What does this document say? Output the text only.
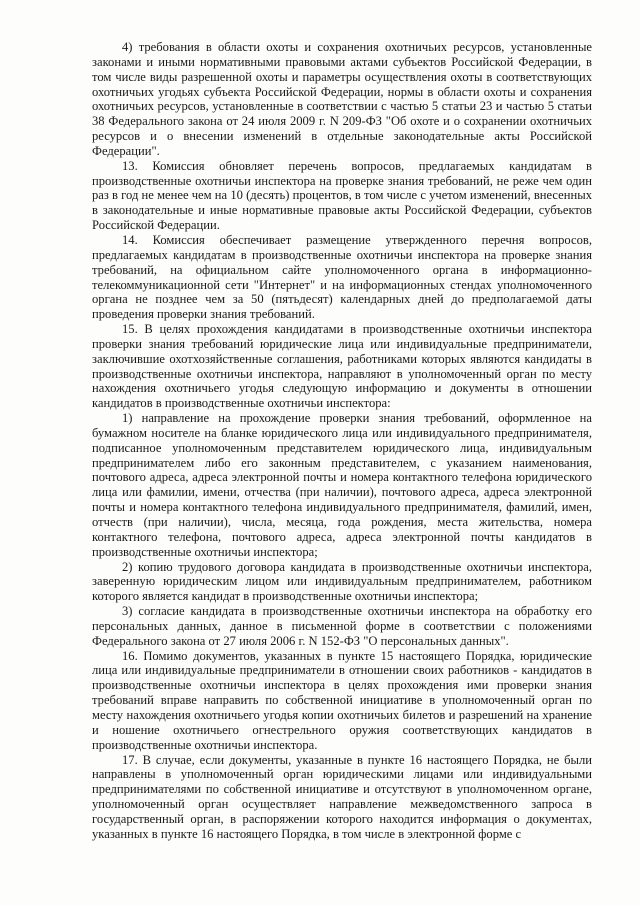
4) требования в области охоты и сохранения охотничьих ресурсов, установленные законами и иными нормативными правовыми актами субъектов Российской Федерации, в том числе виды разрешенной охоты и параметры осуществления охоты в соответствующих охотничьих угодьях субъекта Российской Федерации, нормы в области охоты и сохранения охотничьих ресурсов, установленные в соответствии с частью 5 статьи 23 и частью 5 статьи 38 Федерального закона от 24 июля 2009 г. N 209-ФЗ "Об охоте и о сохранении охотничьих ресурсов и о внесении изменений в отдельные законодательные акты Российской Федерации".

13. Комиссия обновляет перечень вопросов, предлагаемых кандидатам в производственные охотничьи инспектора на проверке знания требований, не реже чем один раз в год не менее чем на 10 (десять) процентов, в том числе с учетом изменений, внесенных в законодательные и иные нормативные правовые акты Российской Федерации, субъектов Российской Федерации.

14. Комиссия обеспечивает размещение утвержденного перечня вопросов, предлагаемых кандидатам в производственные охотничьи инспектора на проверке знания требований, на официальном сайте уполномоченного органа в информационно-телекоммуникационной сети "Интернет" и на информационных стендах уполномоченного органа не позднее чем за 50 (пятьдесят) календарных дней до предполагаемой даты проведения проверки знания требований.

15. В целях прохождения кандидатами в производственные охотничьи инспектора проверки знания требований юридические лица или индивидуальные предприниматели, заключившие охотхозяйственные соглашения, работниками которых являются кандидаты в производственные охотничьи инспектора, направляют в уполномоченный орган по месту нахождения охотничьего угодья следующую информацию и документы в отношении кандидатов в производственные охотничьи инспектора:

1) направление на прохождение проверки знания требований, оформленное на бумажном носителе на бланке юридического лица или индивидуального предпринимателя, подписанное уполномоченным представителем юридического лица, индивидуальным предпринимателем либо его законным представителем, с указанием наименования, почтового адреса, адреса электронной почты и номера контактного телефона юридического лица или фамилии, имени, отчества (при наличии), почтового адреса, адреса электронной почты и номера контактного телефона индивидуального предпринимателя, фамилий, имен, отчеств (при наличии), числа, месяца, года рождения, места жительства, номера контактного телефона, почтового адреса, адреса электронной почты кандидатов в производственные охотничьи инспектора;

2) копию трудового договора кандидата в производственные охотничьи инспектора, заверенную юридическим лицом или индивидуальным предпринимателем, работником которого является кандидат в производственные охотничьи инспектора;

3) согласие кандидата в производственные охотничьи инспектора на обработку его персональных данных, данное в письменной форме в соответствии с положениями Федерального закона от 27 июля 2006 г. N 152-ФЗ "О персональных данных".

16. Помимо документов, указанных в пункте 15 настоящего Порядка, юридические лица или индивидуальные предприниматели в отношении своих работников - кандидатов в производственные охотничьи инспектора в целях прохождения ими проверки знания требований вправе направить по собственной инициативе в уполномоченный орган по месту нахождения охотничьего угодья копии охотничьих билетов и разрешений на хранение и ношение охотничьего огнестрельного оружия соответствующих кандидатов в производственные охотничьи инспектора.

17. В случае, если документы, указанные в пункте 16 настоящего Порядка, не были направлены в уполномоченный орган юридическими лицами или индивидуальными предпринимателями по собственной инициативе и отсутствуют в уполномоченном органе, уполномоченный орган осуществляет направление межведомственного запроса в государственный орган, в распоряжении которого находится информация о документах, указанных в пункте 16 настоящего Порядка, в том числе в электронной форме с
